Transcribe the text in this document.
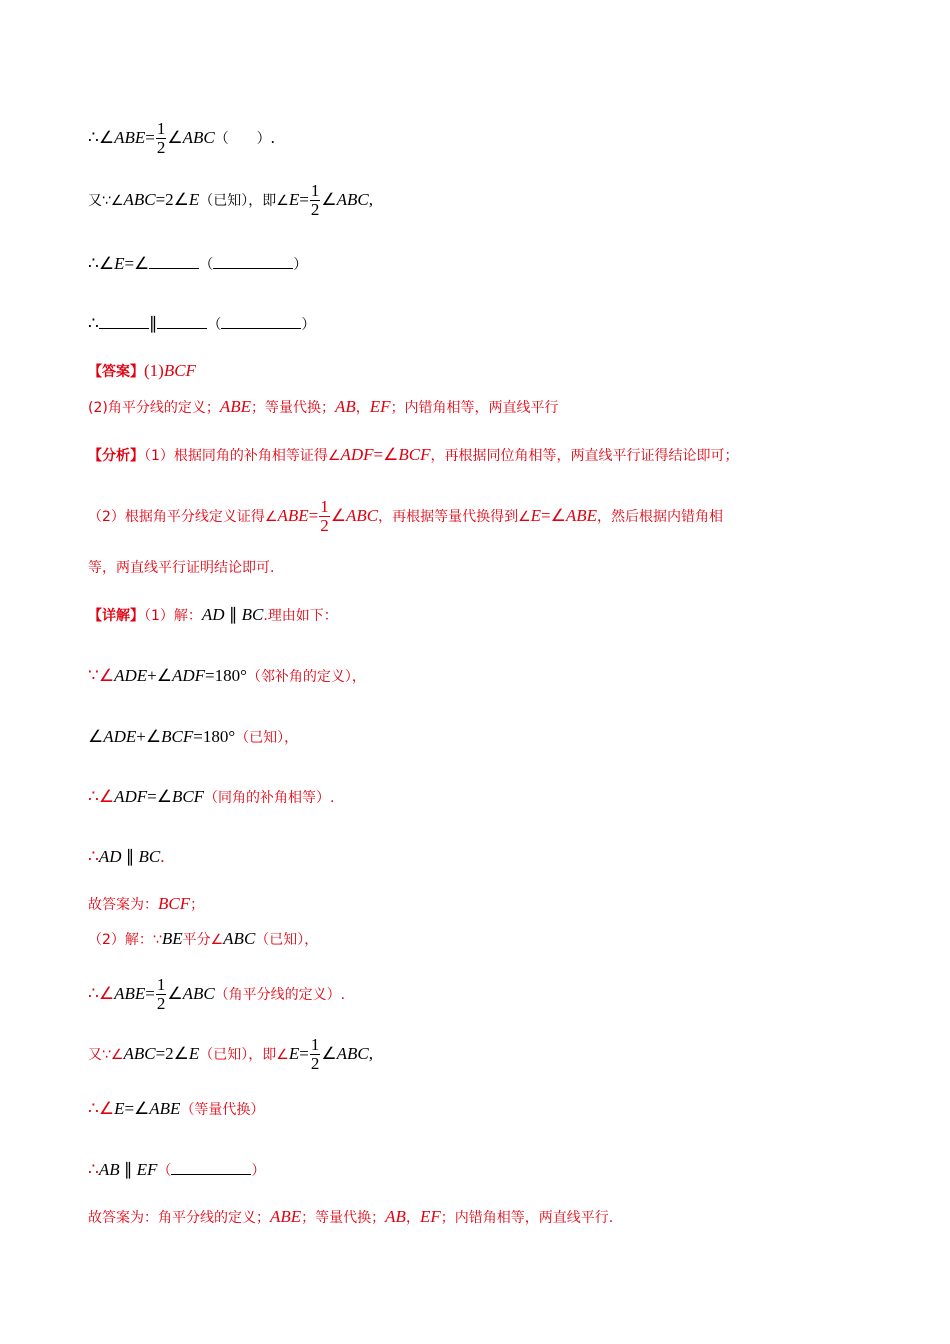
∴∠ABE= $\frac{1}{2}$ ∠ABC（　　）.
又∵∠ABC=2∠E（已知），即∠E= $\frac{1}{2}$ ∠ABC,
∴∠E=∠	（	）
∴	∥	（	）
【答案】(1)BCF
(2)角平分线的定义；ABE；等量代换；AB，EF；内错角相等，两直线平行
【分析】（1）根据同角的补角相等证得∠ADF=∠BCF，再根据同位角相等，两直线平行证得结论即可；
（2）根据角平分线定义证得∠ABE= $\frac{1}{2}$ ∠ABC，再根据等量代换得到∠E=∠ABE，然后根据内错角相
等，两直线平行证明结论即可.
【详解】（1）解：AD ∥ BC.理由如下：
∵∠ADE+∠ADF=180°（邻补角的定义），
∠ADE+∠BCF=180°（已知），
∴∠ADF=∠BCF（同角的补角相等）.
∴AD ∥ BC.
故答案为：BCF；
（2）解：∵BE平分∠ABC（已知），
∴∠ABE= $\frac{1}{2}$ ∠ABC（角平分线的定义）.
又∵∠ABC=2∠E（已知），即∠E= $\frac{1}{2}$ ∠ABC,
∴∠E=∠ABE（等量代换）
∴AB ∥ EF（	）
故答案为：角平分线的定义；ABE；等量代换；AB，EF；内错角相等，两直线平行.
